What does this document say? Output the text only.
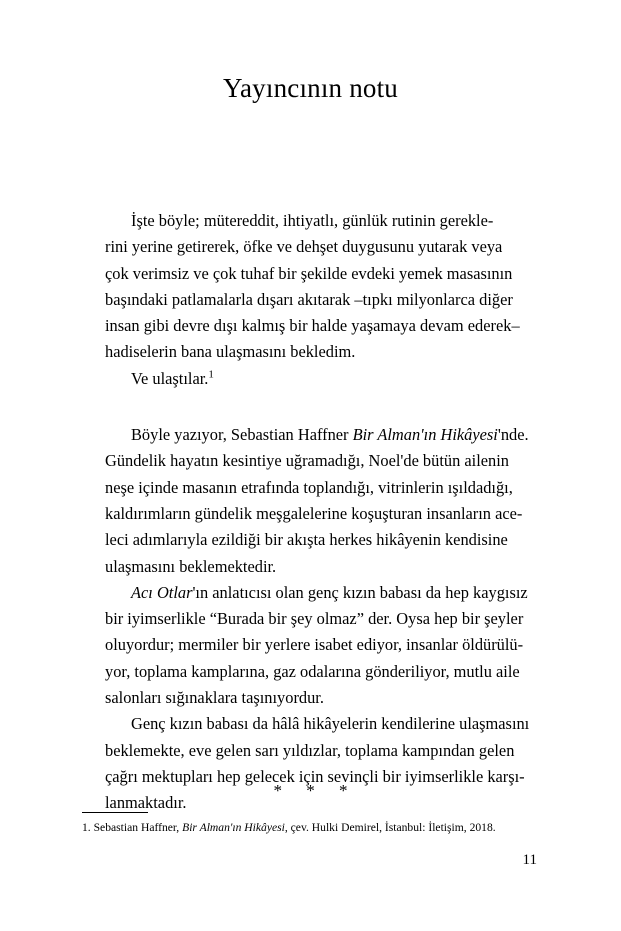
Yayıncının notu
İşte böyle; mütereddit, ihtiyatlı, günlük rutinin gerekle-
rini yerine getirerek, öfke ve dehşet duygusunu yutarak veya
çok verimsiz ve çok tuhaf bir şekilde evdeki yemek masasının
başındaki patlamalarla dışarı akıtarak –tıpkı milyonlarca diğer
insan gibi devre dışı kalmış bir halde yaşamaya devam ederek–
hadiselerin bana ulaşmasını bekledim.
Ve ulaştılar.$^1$
Böyle yazıyor, Sebastian Haffner Bir Alman'ın Hikâyesi'nde.
Gündelik hayatın kesintiye uğramadığı, Noel'de bütün ailenin
neşe içinde masanın etrafında toplandığı, vitrinlerin ışıldadığı,
kaldırımların gündelik meşgalelerine koşuşturan insanların ace-
leci adımlarıyla ezildiği bir akışta herkes hikâyenin kendisine
ulaşmasını beklemektedir.
Acı Otlar'ın anlatıcısı olan genç kızın babası da hep kaygısız
bir iyimserlikle “Burada bir şey olmaz” der. Oysa hep bir şeyler
oluyordur; mermiler bir yerlere isabet ediyor, insanlar öldürülü-
yor, toplama kamplarına, gaz odalarına gönderiliyor, mutlu aile
salonları sığınaklara taşınıyordur.
Genç kızın babası da hâlâ hikâyelerin kendilerine ulaşmasını
beklemekte, eve gelen sarı yıldızlar, toplama kampından gelen
çağrı mektupları hep gelecek için sevinçli bir iyimserlikle karşı-
lanmaktadır.
* * *

1. Sebastian Haffner, Bir Alman'ın Hikâyesi, çev. Hulki Demirel, İstanbul: İletişim, 2018.

11
